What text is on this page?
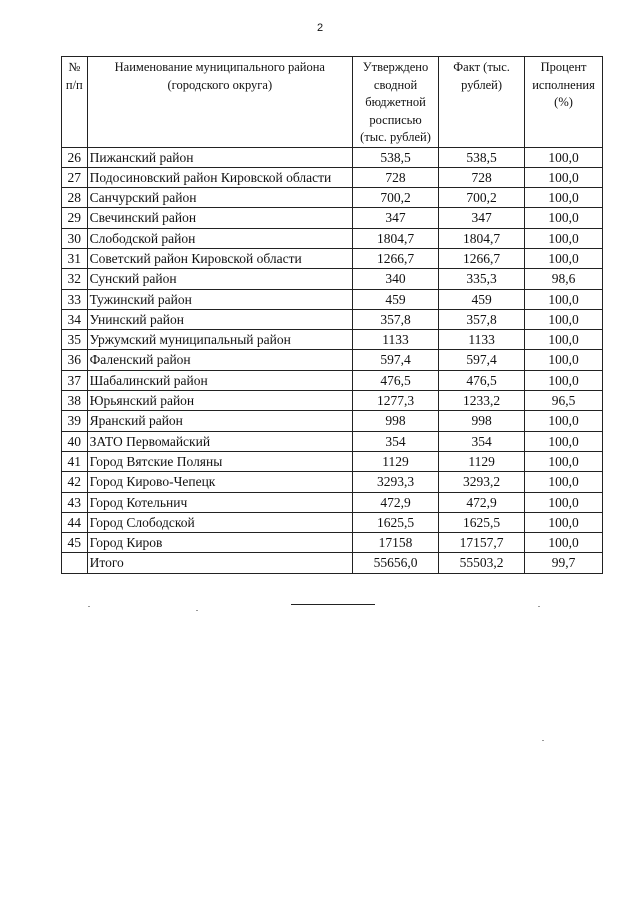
2
№ п/п	Наименование муниципального района (городского округа)	Утверждено сводной бюджетной росписью (тыс. рублей)	Факт (тыс. рублей)	Процент исполнения (%)
26	Пижанский район	538,5	538,5	100,0
27	Подосиновский район Кировской области	728	728	100,0
28	Санчурский район	700,2	700,2	100,0
29	Свечинский район	347	347	100,0
30	Слободской район	1804,7	1804,7	100,0
31	Советский район Кировской области	1266,7	1266,7	100,0
32	Сунский район	340	335,3	98,6
33	Тужинский район	459	459	100,0
34	Унинский район	357,8	357,8	100,0
35	Уржумский муниципальный район	1133	1133	100,0
36	Фаленский район	597,4	597,4	100,0
37	Шабалинский район	476,5	476,5	100,0
38	Юрьянский район	1277,3	1233,2	96,5
39	Яранский район	998	998	100,0
40	ЗАТО Первомайский	354	354	100,0
41	Город Вятские Поляны	1129	1129	100,0
42	Город Кирово-Чепецк	3293,3	3293,2	100,0
43	Город Котельнич	472,9	472,9	100,0
44	Город Слободской	1625,5	1625,5	100,0
45	Город Киров	17158	17157,7	100,0
	Итого	55656,0	55503,2	99,7
